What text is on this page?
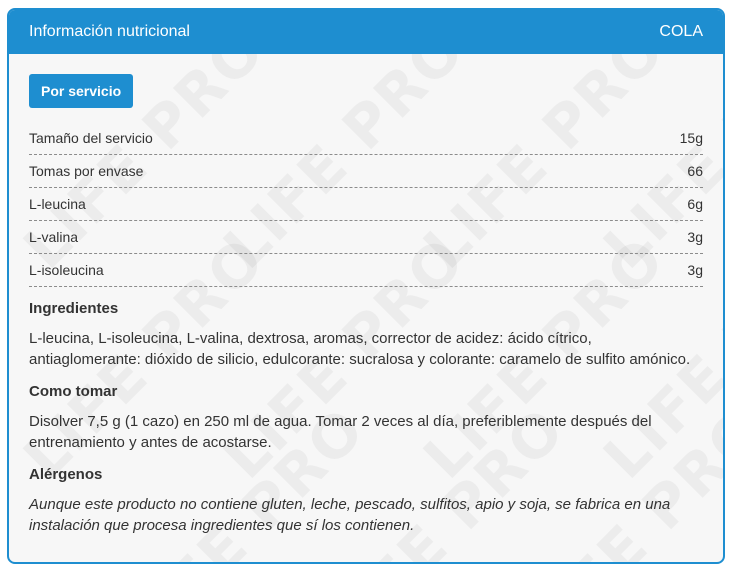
Información nutricional	COLA
Por servicio
Tamaño del servicio	15g
Tomas por envase	66
L-leucina	6g
L-valina	3g
L-isoleucina	3g
Ingredientes
L-leucina, L-isoleucina, L-valina, dextrosa, aromas, corrector de acidez: ácido cítrico, antiaglomerante: dióxido de silicio, edulcorante: sucralosa y colorante: caramelo de sulfito amónico.
Como tomar
Disolver 7,5 g (1 cazo) en 250 ml de agua. Tomar 2 veces al día, preferiblemente después del entrenamiento y antes de acostarse.
Alérgenos
Aunque este producto no contiene gluten, leche, pescado, sulfitos, apio y soja, se fabrica en una instalación que procesa ingredientes que sí los contienen.
